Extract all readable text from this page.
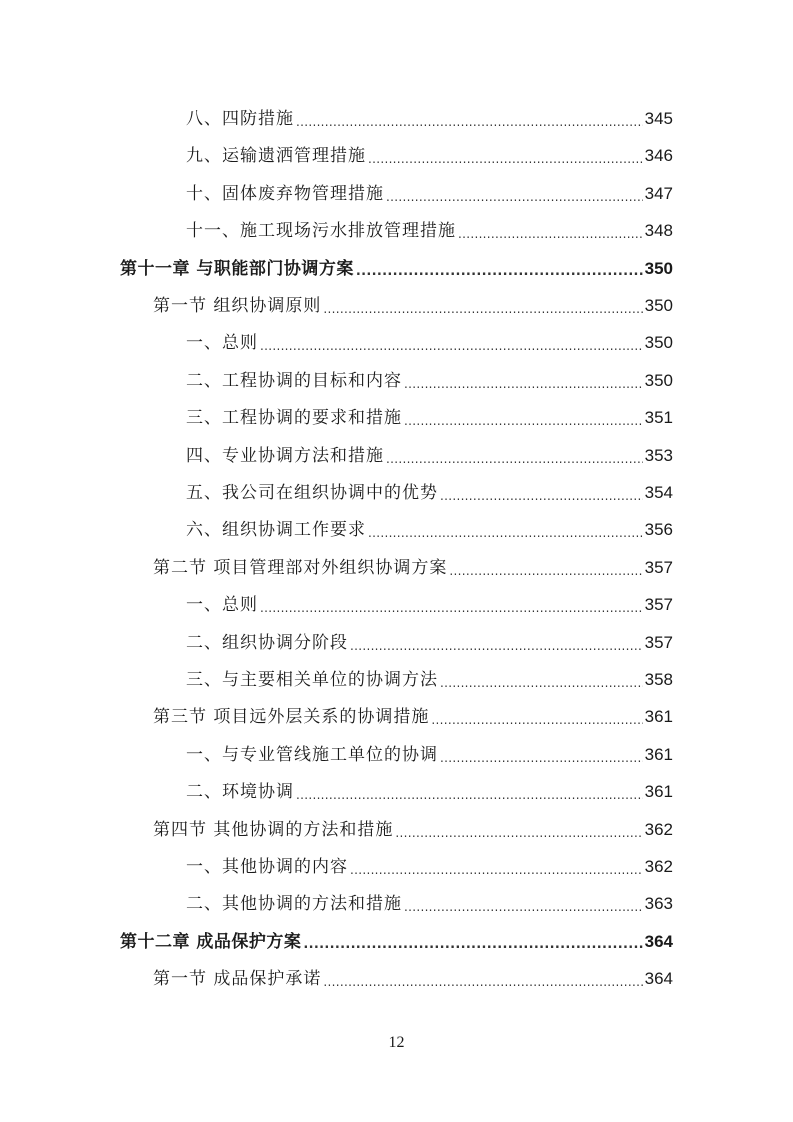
八、四防措施 .....	345
九、运输遗洒管理措施 .....	346
十、固体废弃物管理措施 .....	347
十一、施工现场污水排放管理措施 .....	348
第十一章 与职能部门协调方案 .....	350
第一节 组织协调原则 .....	350
一、总则 .....	350
二、工程协调的目标和内容 .....	350
三、工程协调的要求和措施 .....	351
四、专业协调方法和措施 .....	353
五、我公司在组织协调中的优势 .....	354
六、组织协调工作要求 .....	356
第二节 项目管理部对外组织协调方案 .....	357
一、总则 .....	357
二、组织协调分阶段 .....	357
三、与主要相关单位的协调方法 .....	358
第三节 项目远外层关系的协调措施 .....	361
一、与专业管线施工单位的协调 .....	361
二、环境协调 .....	361
第四节 其他协调的方法和措施 .....	362
一、其他协调的内容 .....	362
二、其他协调的方法和措施 .....	363
第十二章 成品保护方案 .....	364
第一节 成品保护承诺 .....	364
12
